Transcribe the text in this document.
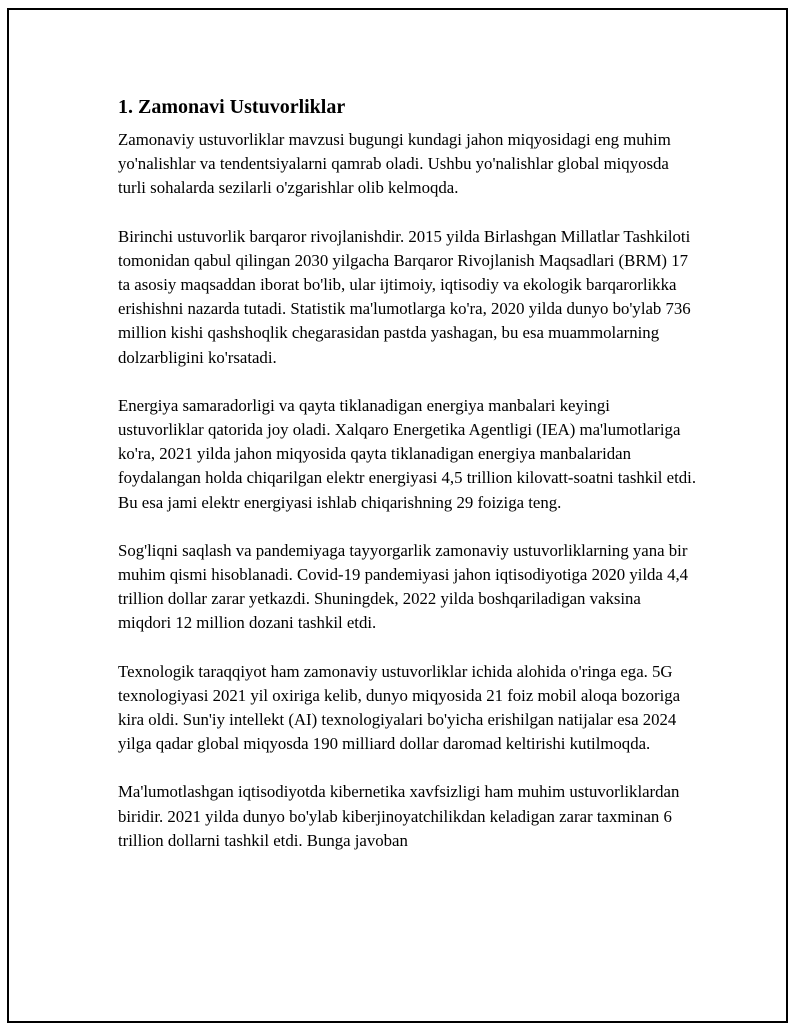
1. Zamonavi Ustuvorliklar

Zamonaviy ustuvorliklar mavzusi bugungi kundagi jahon miqyosidagi eng muhim yo'nalishlar va tendentsiyalarni qamrab oladi. Ushbu yo'nalishlar global miqyosda turli sohalarda sezilarli o'zgarishlar olib kelmoqda.

Birinchi ustuvorlik barqaror rivojlanishdir. 2015 yilda Birlashgan Millatlar Tashkiloti tomonidan qabul qilingan 2030 yilgacha Barqaror Rivojlanish Maqsadlari (BRM) 17 ta asosiy maqsaddan iborat bo'lib, ular ijtimoiy, iqtisodiy va ekologik barqarorlikka erishishni nazarda tutadi. Statistik ma'lumotlarga ko'ra, 2020 yilda dunyo bo'ylab 736 million kishi qashshoqlik chegarasidan pastda yashagan, bu esa muammolarning dolzarbligini ko'rsatadi.

Energiya samaradorligi va qayta tiklanadigan energiya manbalari keyingi ustuvorliklar qatorida joy oladi. Xalqaro Energetika Agentligi (IEA) ma'lumotlariga ko'ra, 2021 yilda jahon miqyosida qayta tiklanadigan energiya manbalaridan foydalangan holda chiqarilgan elektr energiyasi 4,5 trillion kilovatt-soatni tashkil etdi. Bu esa jami elektr energiyasi ishlab chiqarishning 29 foiziga teng.

Sog'liqni saqlash va pandemiyaga tayyorgarlik zamonaviy ustuvorliklarning yana bir muhim qismi hisoblanadi. Covid-19 pandemiyasi jahon iqtisodiyotiga 2020 yilda 4,4 trillion dollar zarar yetkazdi. Shuningdek, 2022 yilda boshqariladigan vaksina miqdori 12 million dozani tashkil etdi.

Texnologik taraqqiyot ham zamonaviy ustuvorliklar ichida alohida o'ringa ega. 5G texnologiyasi 2021 yil oxiriga kelib, dunyo miqyosida 21 foiz mobil aloqa bozoriga kira oldi. Sun'iy intellekt (AI) texnologiyalari bo'yicha erishilgan natijalar esa 2024 yilga qadar global miqyosda 190 milliard dollar daromad keltirishi kutilmoqda.

Ma'lumotlashgan iqtisodiyotda kibernetika xavfsizligi ham muhim ustuvorliklardan biridir. 2021 yilda dunyo bo'ylab kiberjinoyatchilikdan keladigan zarar taxminan 6 trillion dollarni tashkil etdi. Bunga javoban
